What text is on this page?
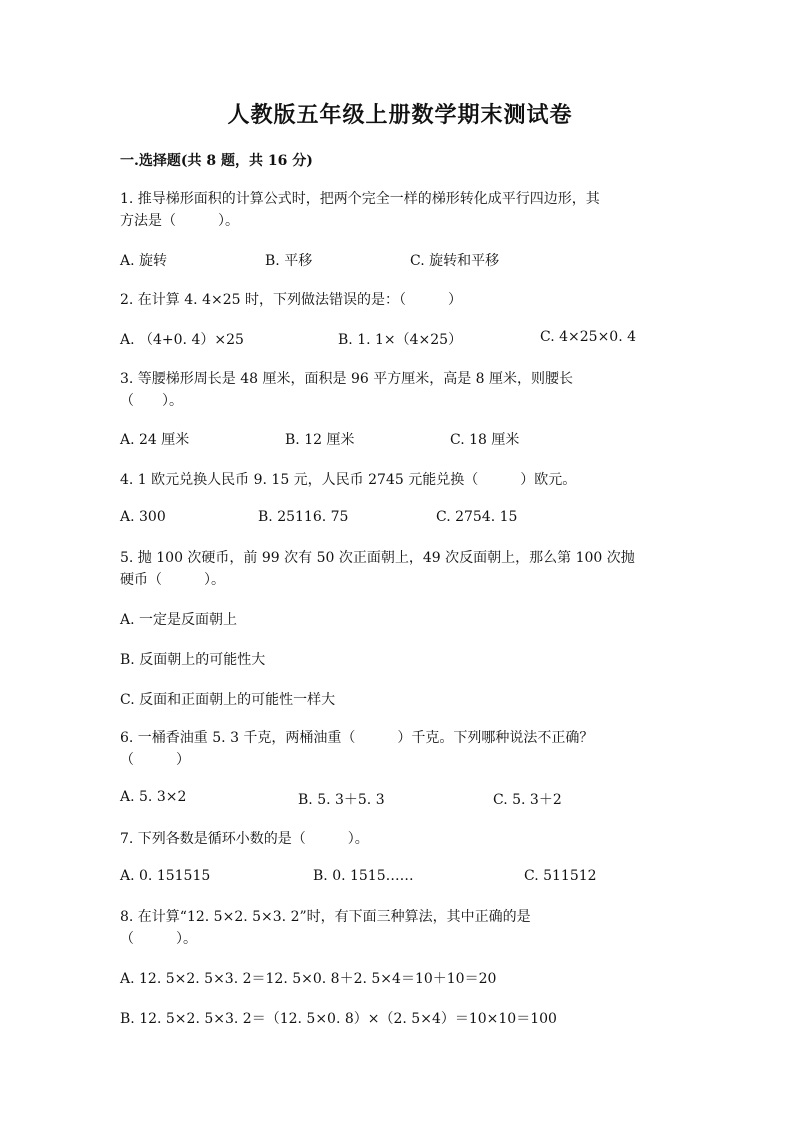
人教版五年级上册数学期末测试卷
一.选择题(共 8 题，共 16 分)
1. 推导梯形面积的计算公式时，把两个完全一样的梯形转化成平行四边形，其
方法是（　　　）。
A. 旋转	B. 平移	C. 旋转和平移
2. 在计算 4. 4×25 时，下列做法错误的是：（　　　）
A. （4+0. 4）×25	B. 1. 1×（4×25）	C. 4×25×0. 4
3. 等腰梯形周长是 48 厘米，面积是 96 平方厘米，高是 8 厘米，则腰长
（　　）。
A. 24 厘米	B. 12 厘米	C. 18 厘米
4. 1 欧元兑换人民币 9. 15 元，人民币 2745 元能兑换（　　　）欧元。
A. 300	B. 25116. 75	C. 2754. 15
5. 抛 100 次硬币，前 99 次有 50 次正面朝上，49 次反面朝上，那么第 100 次抛
硬币（　　　）。
A. 一定是反面朝上
B. 反面朝上的可能性大
C. 反面和正面朝上的可能性一样大
6. 一桶香油重 5. 3 千克，两桶油重（　　　）千克。下列哪种说法不正确？
（　　　）
A. 5. 3×2	B. 5. 3＋5. 3	C. 5. 3＋2
7. 下列各数是循环小数的是（　　　）。
A. 0. 151515	B. 0. 1515……	C. 511512
8. 在计算“12. 5×2. 5×3. 2”时，有下面三种算法，其中正确的是
（　　　）。
A. 12. 5×2. 5×3. 2＝12. 5×0. 8＋2. 5×4＝10＋10＝20
B. 12. 5×2. 5×3. 2＝（12. 5×0. 8）×（2. 5×4）＝10×10＝100
